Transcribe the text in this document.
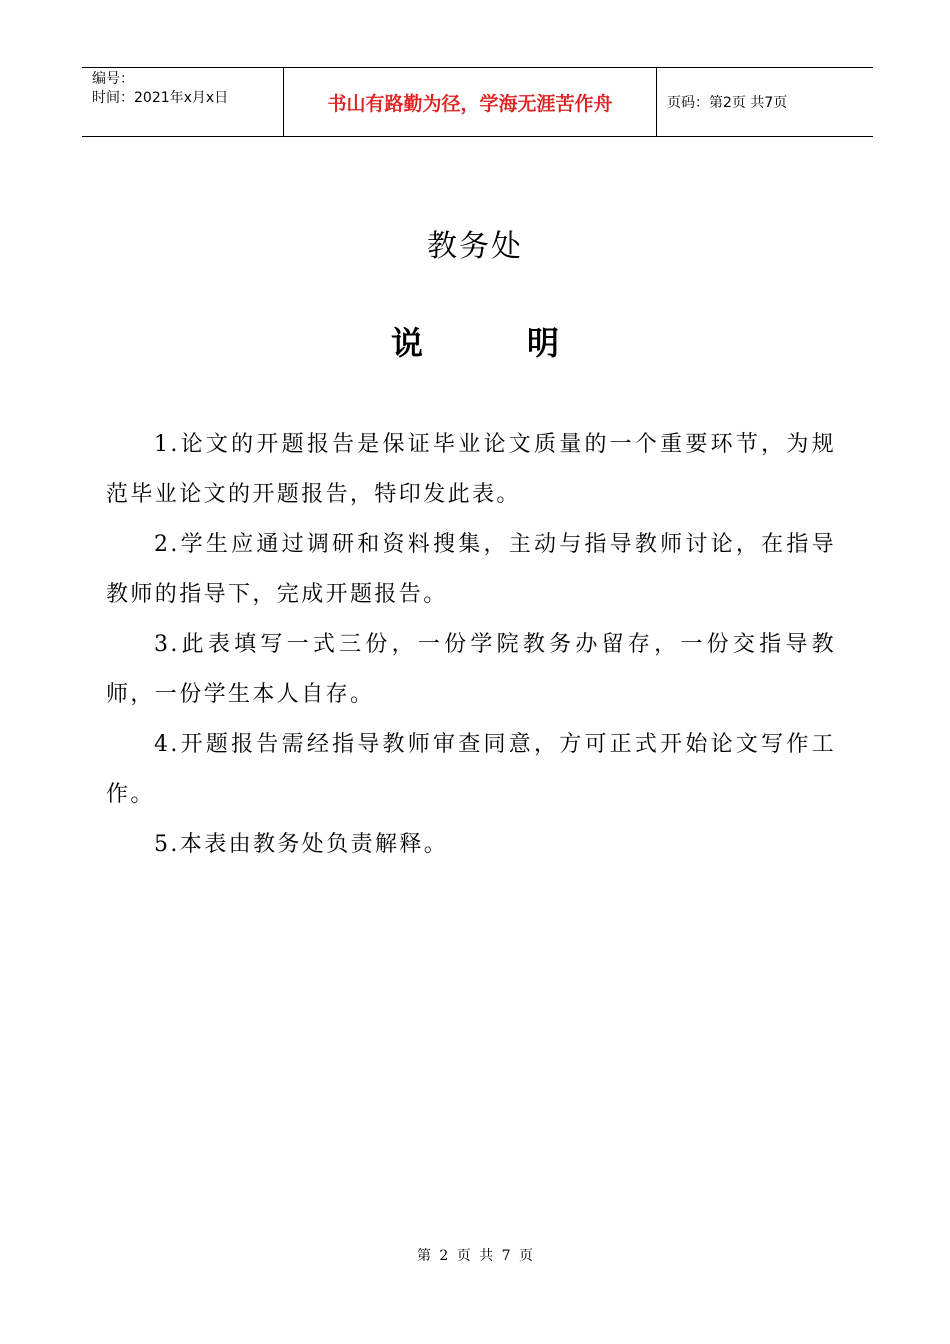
编号：
时间：2021年x月x日	书山有路勤为径，学海无涯苦作舟	页码：第2页 共7页
教务处
说	明

1.论文的开题报告是保证毕业论文质量的一个重要环节，为规范毕业论文的开题报告，特印发此表。

2.学生应通过调研和资料搜集，主动与指导教师讨论，在指导教师的指导下，完成开题报告。

3.此表填写一式三份，一份学院教务办留存，一份交指导教师，一份学生本人自存。

4.开题报告需经指导教师审查同意，方可正式开始论文写作工作。

5.本表由教务处负责解释。

第 2 页 共 7 页
